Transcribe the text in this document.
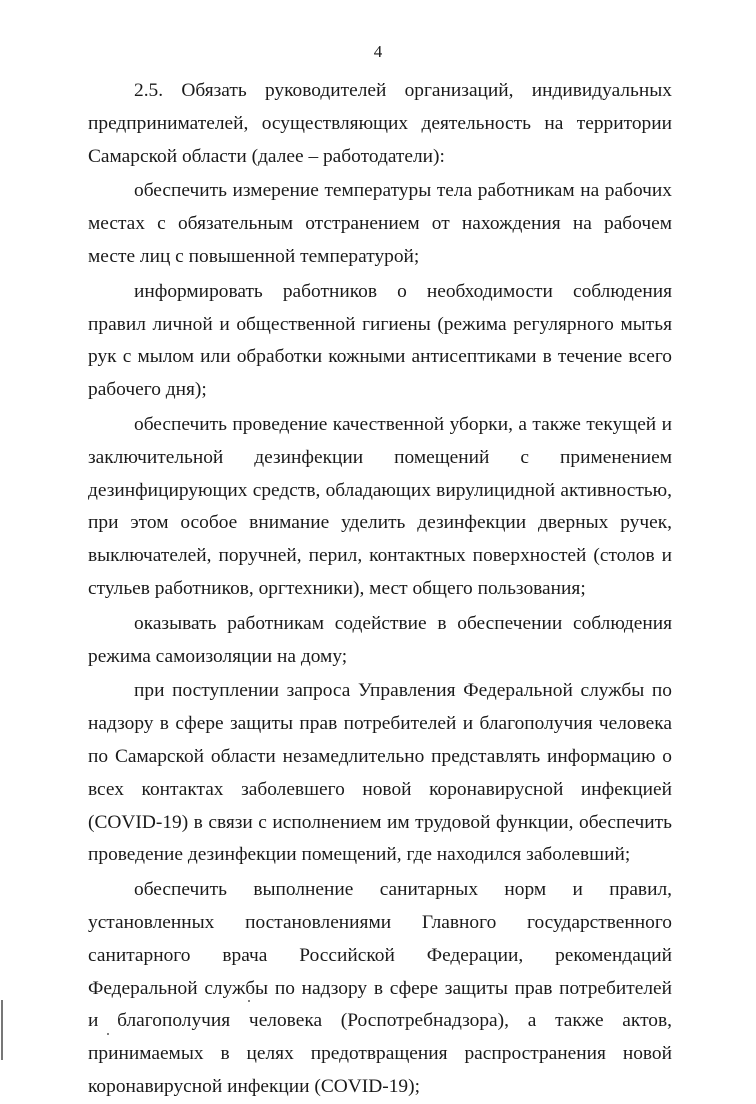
4

2.5. Обязать руководителей организаций, индивидуальных предпринимателей, осуществляющих деятельность на территории Самарской области (далее – работодатели):

обеспечить измерение температуры тела работникам на рабочих местах с обязательным отстранением от нахождения на рабочем месте лиц с повышенной температурой;

информировать работников о необходимости соблюдения правил личной и общественной гигиены (режима регулярного мытья рук с мылом или обработки кожными антисептиками в течение всего рабочего дня);

обеспечить проведение качественной уборки, а также текущей и заключительной дезинфекции помещений с применением дезинфицирующих средств, обладающих вирулицидной активностью, при этом особое внимание уделить дезинфекции дверных ручек, выключателей, поручней, перил, контактных поверхностей (столов и стульев работников, оргтехники), мест общего пользования;

оказывать работникам содействие в обеспечении соблюдения режима самоизоляции на дому;

при поступлении запроса Управления Федеральной службы по надзору в сфере защиты прав потребителей и благополучия человека по Самарской области незамедлительно представлять информацию о всех контактах заболевшего новой коронавирусной инфекцией (COVID-19) в связи с исполнением им трудовой функции, обеспечить проведение дезинфекции помещений, где находился заболевший;

обеспечить выполнение санитарных норм и правил, установленных постановлениями Главного государственного санитарного врача Российской Федерации, рекомендаций Федеральной службы по надзору в сфере защиты прав потребителей и благополучия человека (Роспотребнадзора), а также актов, принимаемых в целях предотвращения распространения новой коронавирусной инфекции (COVID-19);
